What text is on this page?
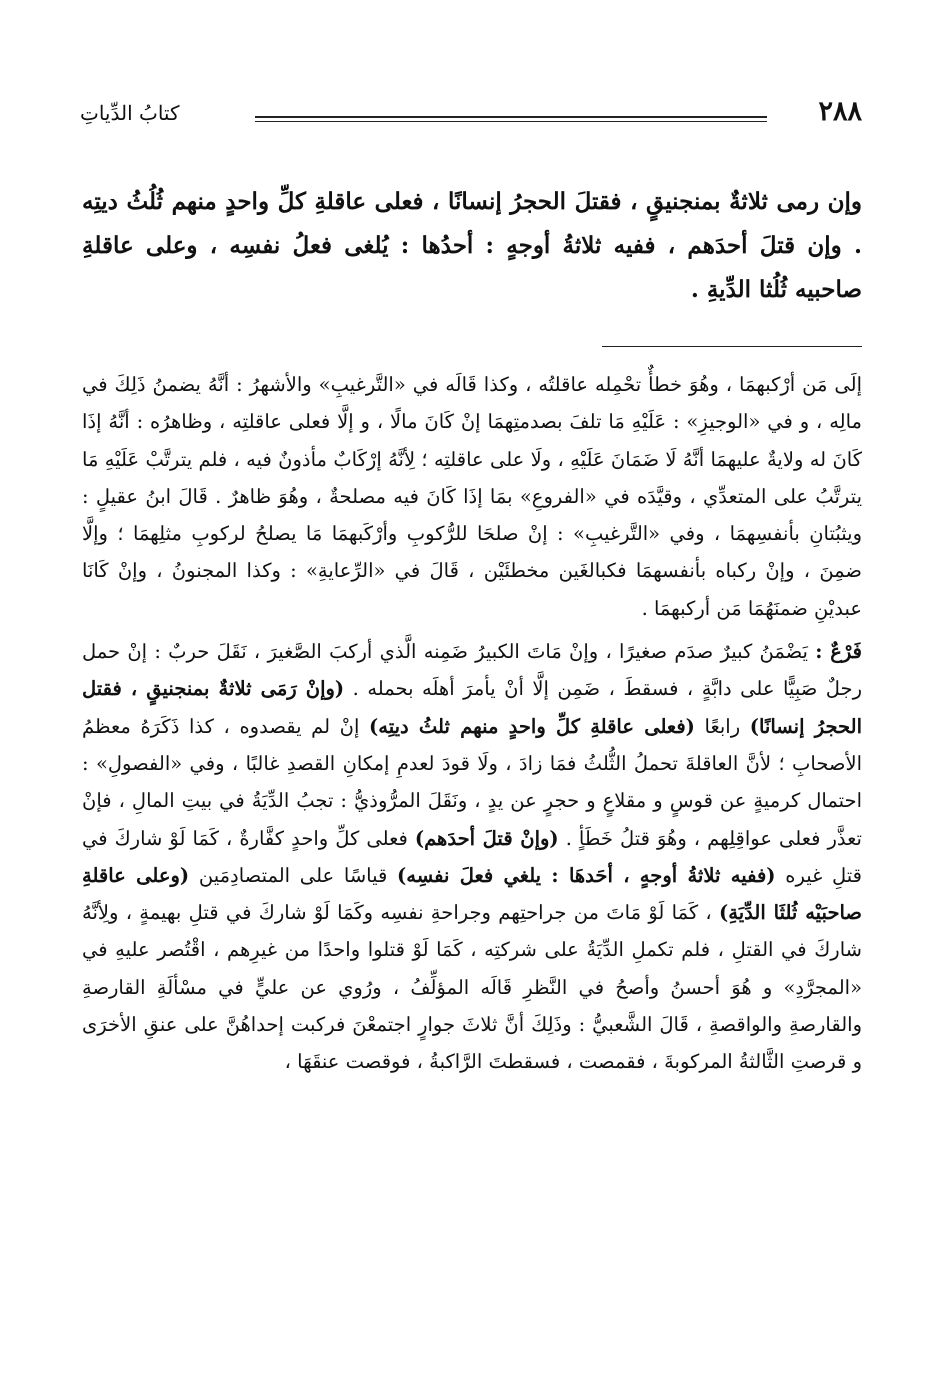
٢٨٨
كتابُ الدِّياتِ

وإن رمى ثلاثةٌ بمنجنيقٍ ، فقتلَ الحجرُ إنسانًا ، فعلى عاقلةِ كلِّ واحدٍ منهم ثُلُثُ ديتِه . وإن قتلَ أحدَهم ، ففيه ثلاثةُ أوجهٍ : أحدُها : يُلغى فعلُ نفسِه ، وعلى عاقلةِ صاحبيه ثُلُثا الدِّيةِ .

إلَى مَن أرْكبهمَا ، وهُوَ خطأٌ تحْمِله عاقلتُه ، وكذا قَالَه في «التَّرغيبِ» والأشهرُ : أنَّهُ يضمنُ ذَلِكَ في مالِه ، و في «الوجيزِ» : عَلَيْهِ مَا تلفَ بصدمتِهمَا إنْ كَانَ مالًا ، و إلَّا فعلى عاقلتِه ، وظاهرُه : أنَّهُ إذَا كَانَ له ولايةٌ عليهمَا أنَّهُ لَا ضَمَانَ عَلَيْهِ ، ولَا على عاقلتِه ؛ لِأنَّهُ إرْكَابٌ مأذونٌ فيه ، فلم يترتَّبْ عَلَيْهِ مَا يترتَّبُ على المتعدِّي ، وقيَّدَه في «الفروعِ» بمَا إذَا كَانَ فيه مصلحةٌ ، وهُوَ ظاهرٌ . قَالَ ابنُ عقيلٍ : ويثبُتانِ بأنفسِهمَا ، وفي «التَّرغيبِ» : إنْ صلحَا للرُّكوبِ وأرْكَبهمَا مَا يصلحُ لركوبِ مثلِهمَا ؛ وإلَّا ضمِنَ ، وإنْ ركباه بأنفسهمَا فكبالغَين مخطئَيْن ، قَالَ في «الرِّعايةِ» : وكذا المجنونُ ، وإنْ كَانَا عبديْنِ ضمنَهُمَا مَن أركبهمَا .

فَرْعٌ : يَضْمَنُ كبيرٌ صدَم صغيرًا ، وإنْ مَاتَ الكبيرُ ضَمِنه الَّذي أركبَ الصَّغيرَ ، نَقَلَ حربٌ : إنْ حمل رجلٌ صَبِيًّا على دابَّةٍ ، فسقطَ ، ضَمِن إلَّا أنْ يأمرَ أهلَه بحمله . (وإنْ رَمَى ثلاثةٌ بمنجنيقٍ ، فقتل الحجرُ إنسانًا) رابعًا (فعلى عاقلةِ كلِّ واحدٍ منهم ثلثُ ديتِه) إنْ لم يقصدوه ، كذا ذَكَرَهُ معظمُ الأصحابِ ؛ لأنَّ العاقلةَ تحملُ الثُّلثُ فمَا زادَ ، ولَا قودَ لعدمِ إمكانِ القصدِ غالبًا ، وفي «الفصولِ» : احتمال كرميةٍ عن قوسٍ و مقلاعٍ و حجرٍ عن يدٍ ، ونَقَلَ المرُّوذيُّ : تجبُ الدِّيَةُ في بيتِ المالِ ، فإنْ تعذَّر فعلى عواقِلِهم ، وهُوَ قتلُ خَطَأٍ . (وإنْ قتلَ أحدَهم) فعلى كلِّ واحدٍ كفَّارةٌ ، كَمَا لَوْ شاركَ في قتلِ غيره (ففيه ثلاثةُ أوجهٍ ، أحَدهَا : يلغي فعلَ نفسِه) قياسًا على المتصادِمَين (وعلى عاقلةِ صاحبَيْه ثُلثَا الدِّيَةِ) ، كَمَا لَوْ مَاتَ من جراحتِهم وجراحةِ نفسِه وكَمَا لَوْ شاركَ في قتلِ بهيمةٍ ، ولِأنَّهُ شاركَ في القتلِ ، فلم تكملِ الدِّيَةُ على شركتِه ، كَمَا لَوْ قتلوا واحدًا من غيرِهم ، اقْتُصر عليهِ في «المجرَّدِ» و هُوَ أحسنُ وأصحُ في النَّظرِ قَالَه المؤلِّفُ ، ورُوي عن عليٍّ في مسْألَةِ القارصةِ والقارصةِ والواقصةِ ، قَالَ الشَّعبيُّ : وذَلِكَ أنَّ ثلاثَ جوارٍ اجتمعْنَ فركبت إحداهُنَّ على عنقِ الأخرَى و قرصتِ الثَّالثةُ المركوبةَ ، فقمصت ، فسقطتَ الرَّاكبةُ ، فوقصت عنقَهَا ،
